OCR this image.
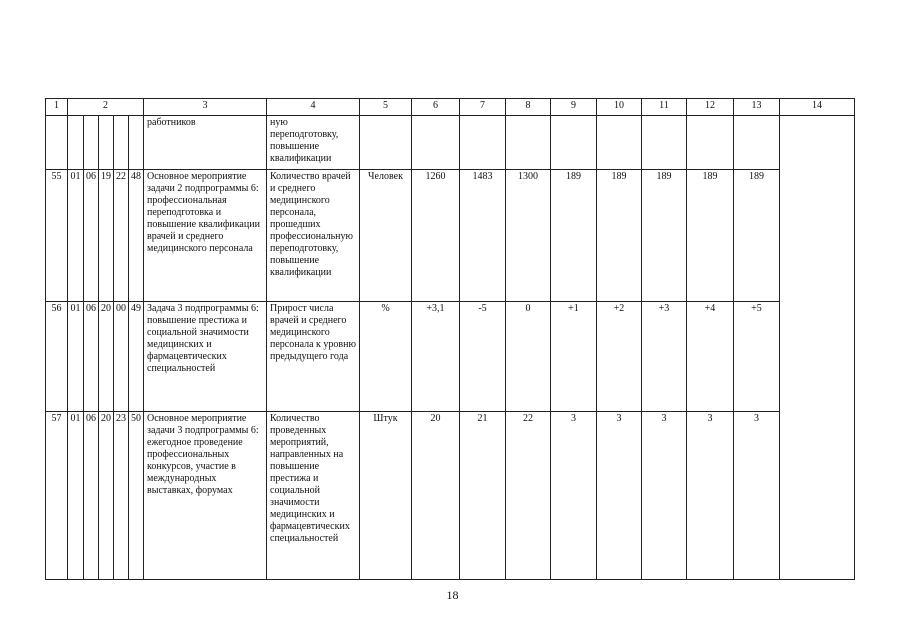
1	2					3	4	5	6	7	8	9	10	11	12	13	14
						работников	ную переподготовку, повышение квалификации										
55	01	06	19	22	48	Основное мероприятие задачи 2 подпрограммы 6: профессиональная переподготовка и повышение квалификации врачей и среднего медицинского персонала	Количество врачей и среднего медицинского персонала, прошедших профессиональную переподготовку, повышение квалификации	Человек	1260	1483	1300	189	189	189	189	189	
56	01	06	20	00	49	Задача 3 подпрограммы 6: повышение престижа и социальной значимости медицинских и фармацевтических специальностей	Прирост числа врачей и среднего медицинского персонала к уровню предыдущего года	%	+3,1	-5	0	+1	+2	+3	+4	+5	
57	01	06	20	23	50	Основное мероприятие задачи 3 подпрограммы 6: ежегодное проведение профессиональных конкурсов, участие в международных выставках, форумах	Количество проведенных мероприятий, направленных на повышение престижа и социальной значимости медицинских и фармацевтических специальностей	Штук	20	21	22	3	3	3	3	3	
18
